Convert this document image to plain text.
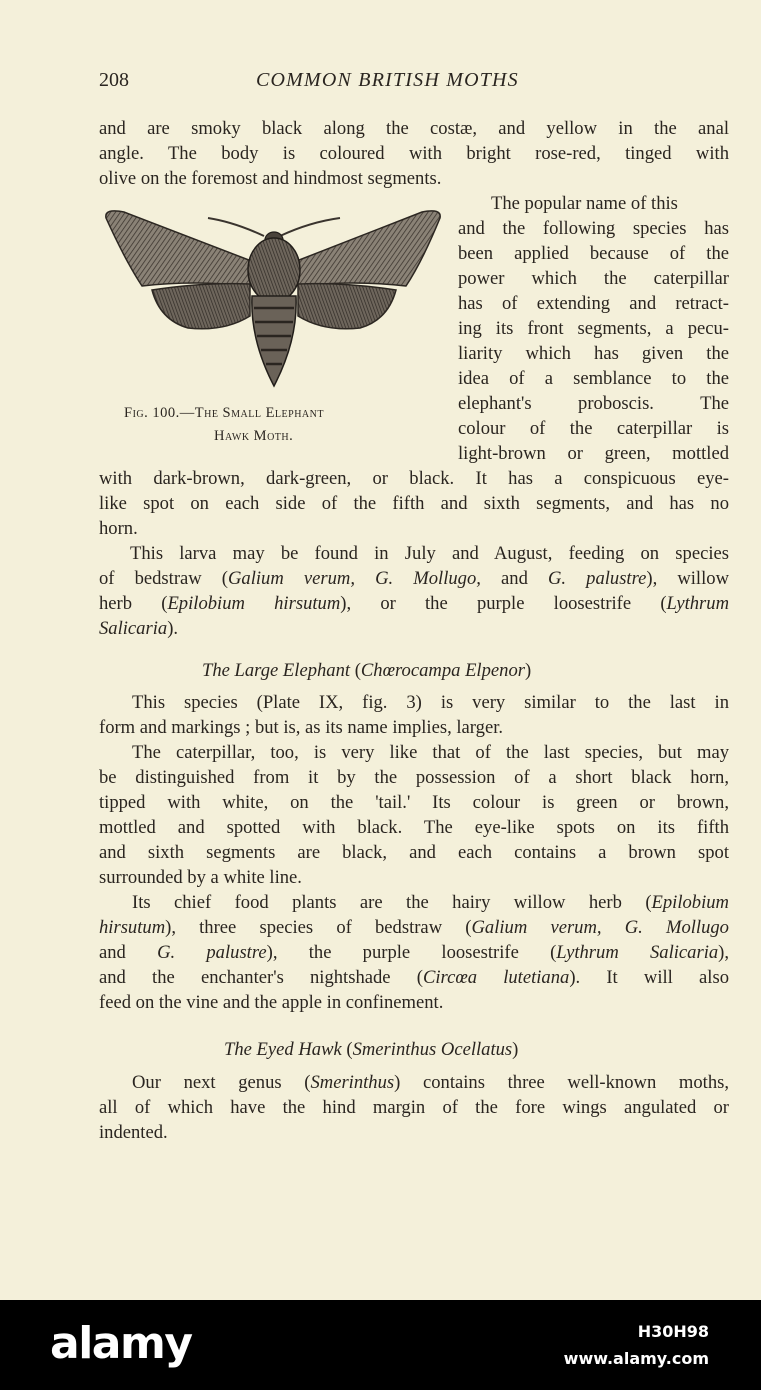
208	COMMON BRITISH MOTHS
and are smoky black along the costæ, and yellow in the anal
angle. The body is coloured with bright rose-red, tinged with
olive on the foremost and hindmost segments.
Fig. 100.—The Small Elephant
Hawk Moth.
The popular name of this
and the following species has
been applied because of the
power which the caterpillar
has of extending and retract-
ing its front segments, a pecu-
liarity which has given the
idea of a semblance to the
elephant's proboscis. The
colour of the caterpillar is
light-brown or green, mottled
with dark-brown, dark-green, or black. It has a conspicuous eye-
like spot on each side of the fifth and sixth segments, and has no
horn.
This larva may be found in July and August, feeding on species
of bedstraw (Galium verum, G. Mollugo, and G. palustre), willow
herb (Epilobium hirsutum), or the purple loosestrife (Lythrum
Salicaria).
The Large Elephant (Chœrocampa Elpenor)
This species (Plate IX, fig. 3) is very similar to the last in
form and markings ; but is, as its name implies, larger.
The caterpillar, too, is very like that of the last species, but may
be distinguished from it by the possession of a short black horn,
tipped with white, on the 'tail.' Its colour is green or brown,
mottled and spotted with black. The eye-like spots on its fifth
and sixth segments are black, and each contains a brown spot
surrounded by a white line.
Its chief food plants are the hairy willow herb (Epilobium
hirsutum), three species of bedstraw (Galium verum, G. Mollugo
and G. palustre), the purple loosestrife (Lythrum Salicaria),
and the enchanter's nightshade (Circœa lutetiana). It will also
feed on the vine and the apple in confinement.
The Eyed Hawk (Smerinthus Ocellatus)
Our next genus (Smerinthus) contains three well-known moths,
all of which have the hind margin of the fore wings angulated or
indented.
alamy	H30H98
www.alamy.com
